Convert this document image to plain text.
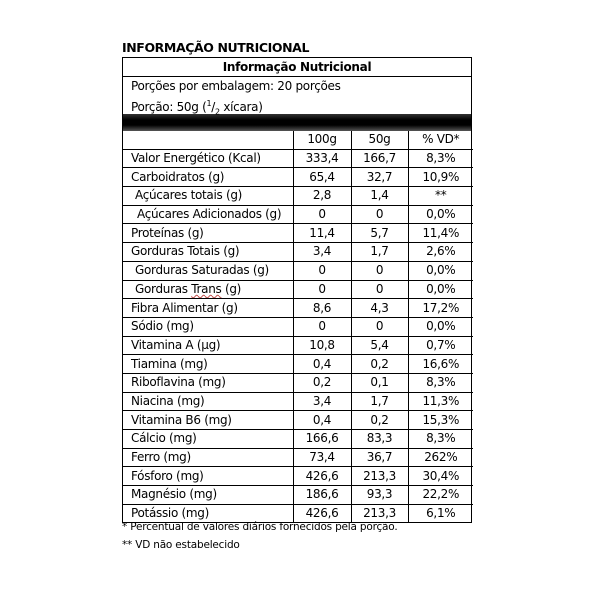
INFORMAÇÃO NUTRICIONAL
Informação Nutricional
Porções por embalagem: 20 porções
Porção: 50g ($^1/_2$ xícara)
	100g	50g	% VD*
Valor Energético (Kcal)	333,4	166,7	8,3%
Carboidratos (g)	65,4	32,7	10,9%
Açúcares totais (g)	2,8	1,4	**
Açúcares Adicionados (g)	0	0	0,0%
Proteínas (g)	11,4	5,7	11,4%
Gorduras Totais (g)	3,4	1,7	2,6%
Gorduras Saturadas (g)	0	0	0,0%
Gorduras Trans (g)	0	0	0,0%
Fibra Alimentar (g)	8,6	4,3	17,2%
Sódio (mg)	0	0	0,0%
Vitamina A (µg)	10,8	5,4	0,7%
Tiamina (mg)	0,4	0,2	16,6%
Riboflavina (mg)	0,2	0,1	8,3%
Niacina (mg)	3,4	1,7	11,3%
Vitamina B6 (mg)	0,4	0,2	15,3%
Cálcio (mg)	166,6	83,3	8,3%
Ferro (mg)	73,4	36,7	262%
Fósforo (mg)	426,6	213,3	30,4%
Magnésio (mg)	186,6	93,3	22,2%
Potássio (mg)	426,6	213,3	6,1%
* Percentual de valores diários fornecidos pela porção.
** VD não estabelecido
